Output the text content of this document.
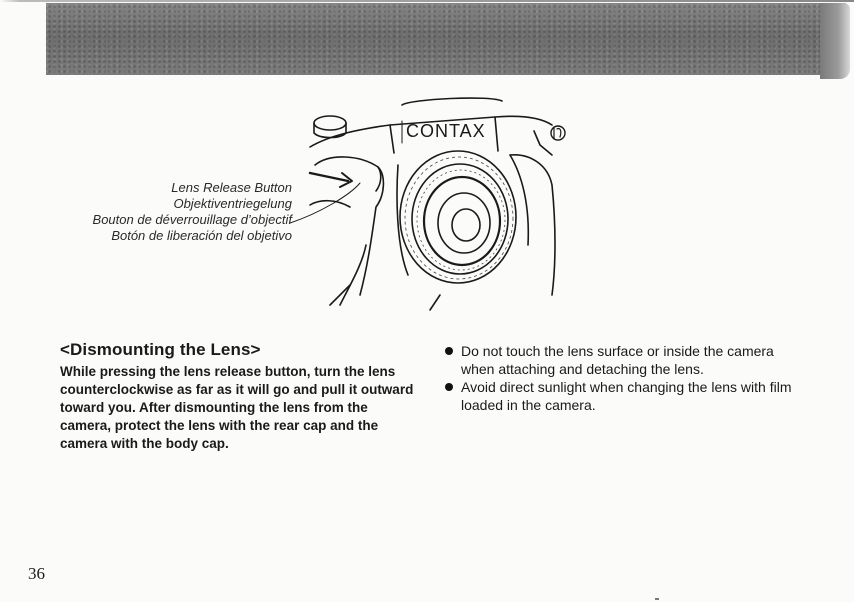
CONTAX
Lens Release Button
Objektiventriegelung
Bouton de déverrouillage d’objectif
Botón de liberación del objetivo
<Dismounting the Lens>

While pressing the lens release button, turn the lens counterclockwise as far as it will go and pull it outward toward you. After dismounting the lens from the camera, protect the lens with the rear cap and the camera with the body cap.

Do not touch the lens surface or inside the camera when attaching and detaching the lens.
Avoid direct sunlight when changing the lens with film loaded in the camera.
36
